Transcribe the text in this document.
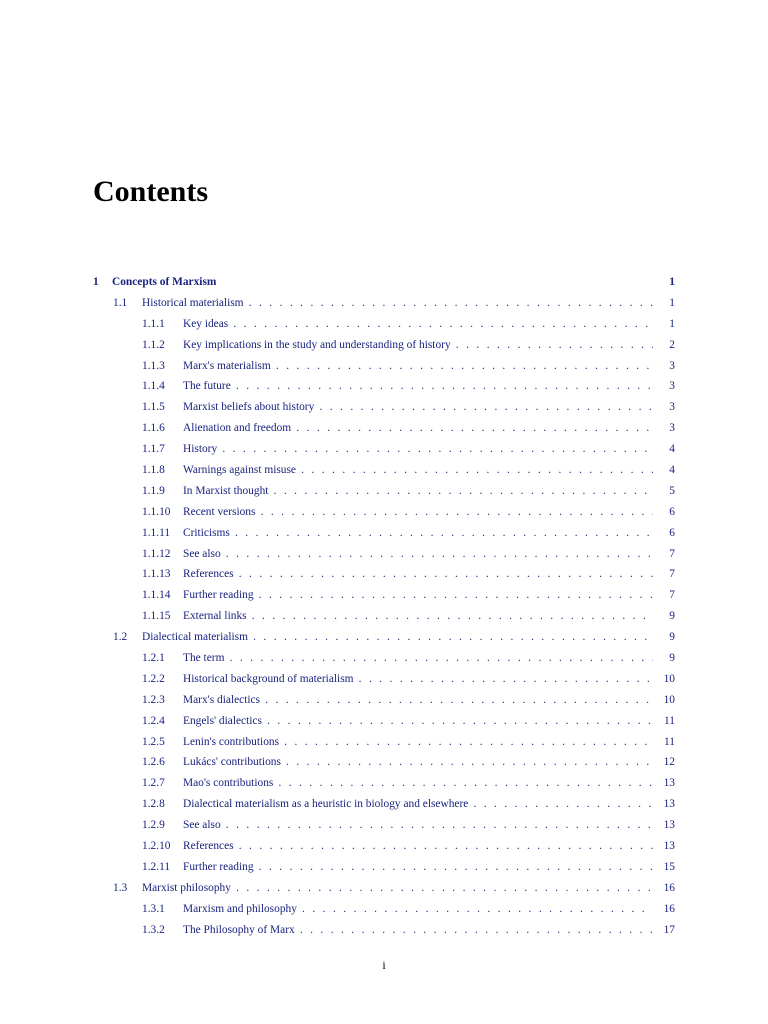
Contents
1 Concepts of Marxism	1
1.1 Historical materialism . . .	1
1.1.1 Key ideas . . .	1
1.1.2 Key implications in the study and understanding of history . . .	2
1.1.3 Marx's materialism . . .	3
1.1.4 The future . . .	3
1.1.5 Marxist beliefs about history . . .	3
1.1.6 Alienation and freedom . . .	3
1.1.7 History . . .	4
1.1.8 Warnings against misuse . . .	4
1.1.9 In Marxist thought . . .	5
1.1.10 Recent versions . . .	6
1.1.11 Criticisms . . .	6
1.1.12 See also . . .	7
1.1.13 References . . .	7
1.1.14 Further reading . . .	7
1.1.15 External links . . .	9
1.2 Dialectical materialism . . .	9
1.2.1 The term . . .	9
1.2.2 Historical background of materialism . . .	10
1.2.3 Marx's dialectics . . .	10
1.2.4 Engels' dialectics . . .	11
1.2.5 Lenin's contributions . . .	11
1.2.6 Lukács' contributions . . .	12
1.2.7 Mao's contributions . . .	13
1.2.8 Dialectical materialism as a heuristic in biology and elsewhere . . .	13
1.2.9 See also . . .	13
1.2.10 References . . .	13
1.2.11 Further reading . . .	15
1.3 Marxist philosophy . . .	16
1.3.1 Marxism and philosophy . . .	16
1.3.2 The Philosophy of Marx . . .	17
i
